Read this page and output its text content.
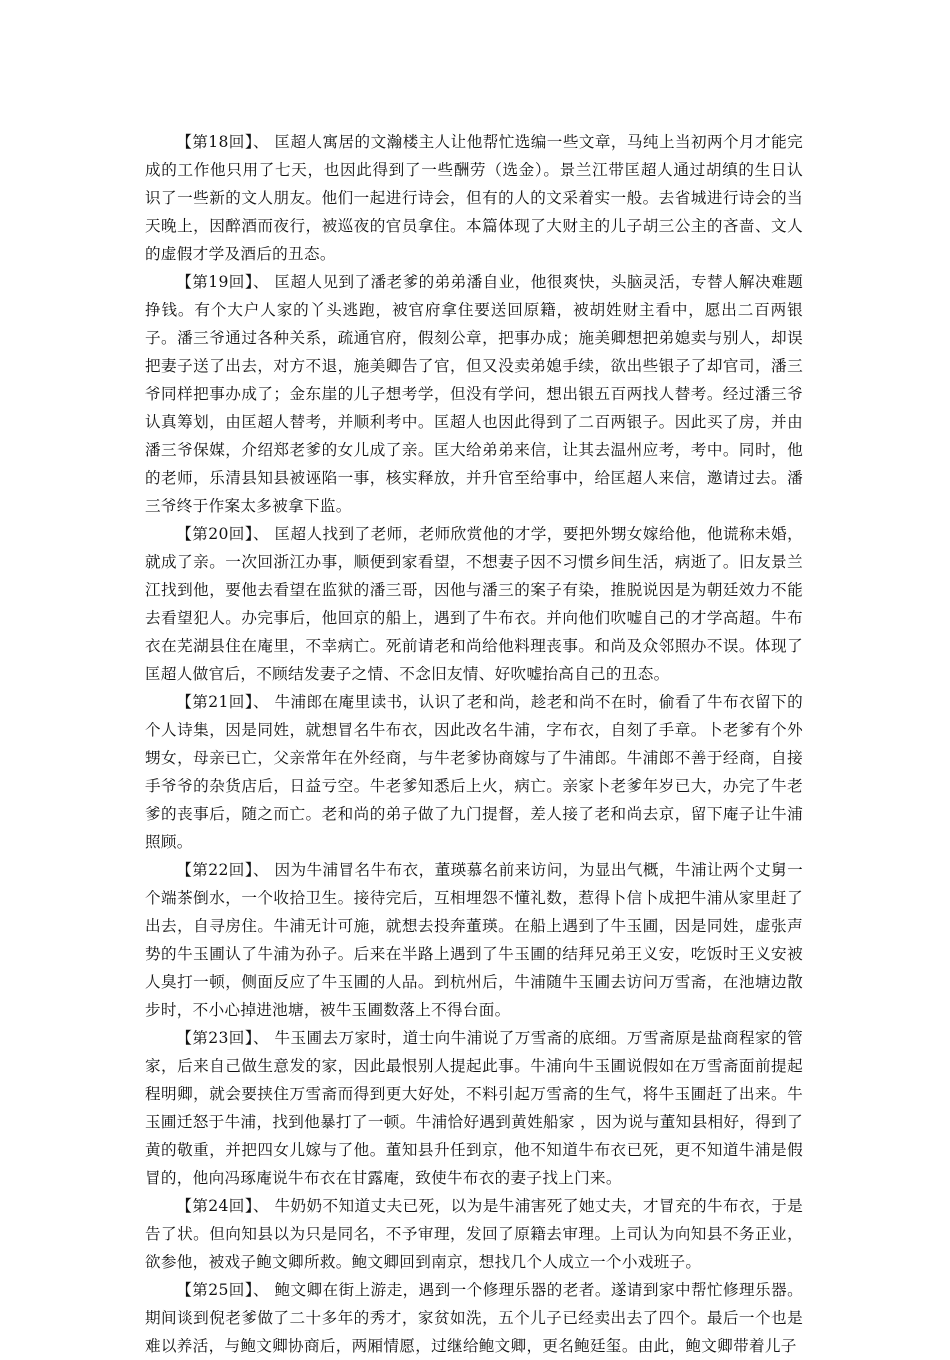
【第18回】、 匡超人寓居的文瀚楼主人让他帮忙选编一些文章，马纯上当初两个月才能完成的工作他只用了七天，也因此得到了一些酬劳（选金）。景兰江带匡超人通过胡缜的生日认识了一些新的文人朋友。他们一起进行诗会，但有的人的文采着实一般。去省城进行诗会的当天晚上，因醉酒而夜行，被巡夜的官员拿住。本篇体现了大财主的儿子胡三公主的吝啬、文人的虚假才学及酒后的丑态。

【第19回】、 匡超人见到了潘老爹的弟弟潘自业，他很爽快，头脑灵活，专替人解决难题挣钱。有个大户人家的丫头逃跑，被官府拿住要送回原籍，被胡姓财主看中，愿出二百两银子。潘三爷通过各种关系，疏通官府，假刻公章，把事办成；施美卿想把弟媳卖与别人，却误把妻子送了出去，对方不退，施美卿告了官，但又没卖弟媳手续，欲出些银子了却官司，潘三爷同样把事办成了；金东崖的儿子想考学，但没有学问，想出银五百两找人替考。经过潘三爷认真筹划，由匡超人替考，并顺利考中。匡超人也因此得到了二百两银子。因此买了房，并由潘三爷保媒，介绍郑老爹的女儿成了亲。匡大给弟弟来信，让其去温州应考，考中。同时，他的老师，乐清县知县被诬陷一事，核实释放，并升官至给事中，给匡超人来信，邀请过去。潘三爷终于作案太多被拿下监。

【第20回】、 匡超人找到了老师，老师欣赏他的才学，要把外甥女嫁给他，他谎称未婚，就成了亲。一次回浙江办事，顺便到家看望，不想妻子因不习惯乡间生活，病逝了。旧友景兰江找到他，要他去看望在监狱的潘三哥，因他与潘三的案子有染，推脱说因是为朝廷效力不能去看望犯人。办完事后，他回京的船上，遇到了牛布衣。并向他们吹嘘自己的才学高超。牛布衣在芜湖县住在庵里，不幸病亡。死前请老和尚给他料理丧事。和尚及众邻照办不误。体现了匡超人做官后，不顾结发妻子之情、不念旧友情、好吹嘘抬高自己的丑态。

【第21回】、 牛浦郎在庵里读书，认识了老和尚，趁老和尚不在时，偷看了牛布衣留下的个人诗集，因是同姓，就想冒名牛布衣，因此改名牛浦，字布衣，自刻了手章。卜老爹有个外甥女，母亲已亡，父亲常年在外经商，与牛老爹协商嫁与了牛浦郎。牛浦郎不善于经商，自接手爷爷的杂货店后，日益亏空。牛老爹知悉后上火，病亡。亲家卜老爹年岁已大，办完了牛老爹的丧事后，随之而亡。老和尚的弟子做了九门提督，差人接了老和尚去京，留下庵子让牛浦照顾。

【第22回】、 因为牛浦冒名牛布衣，董瑛慕名前来访问，为显出气概，牛浦让两个丈舅一个端茶倒水，一个收拾卫生。接待完后，互相埋怨不懂礼数，惹得卜信卜成把牛浦从家里赶了出去，自寻房住。牛浦无计可施，就想去投奔董瑛。在船上遇到了牛玉圃，因是同姓，虚张声势的牛玉圃认了牛浦为孙子。后来在半路上遇到了牛玉圃的结拜兄弟王义安，吃饭时王义安被人臭打一顿，侧面反应了牛玉圃的人品。到杭州后，牛浦随牛玉圃去访问万雪斋，在池塘边散步时，不小心掉进池塘，被牛玉圃数落上不得台面。

【第23回】、 牛玉圃去万家时，道士向牛浦说了万雪斋的底细。万雪斋原是盐商程家的管家，后来自己做生意发的家，因此最恨别人提起此事。牛浦向牛玉圃说假如在万雪斋面前提起程明卿，就会要挟住万雪斋而得到更大好处，不料引起万雪斋的生气，将牛玉圃赶了出来。牛玉圃迁怒于牛浦，找到他暴打了一顿。牛浦恰好遇到黄姓船家 ，因为说与董知县相好，得到了黄的敬重，并把四女儿嫁与了他。董知县升任到京，他不知道牛布衣已死，更不知道牛浦是假冒的，他向冯琢庵说牛布衣在甘露庵，致使牛布衣的妻子找上门来。

【第24回】、 牛奶奶不知道丈夫已死，以为是牛浦害死了她丈夫，才冒充的牛布衣，于是告了状。但向知县以为只是同名，不予审理，发回了原籍去审理。上司认为向知县不务正业，欲参他，被戏子鲍文卿所救。鲍文卿回到南京，想找几个人成立一个小戏班子。

【第25回】、 鲍文卿在街上游走，遇到一个修理乐器的老者。遂请到家中帮忙修理乐器。期间谈到倪老爹做了二十多年的秀才，家贫如洗，五个儿子已经卖出去了四个。最后一个也是难以养活，与鲍文卿协商后，两厢情愿，过继给鲍文卿，更名鲍廷玺。由此，鲍文卿带着儿子
